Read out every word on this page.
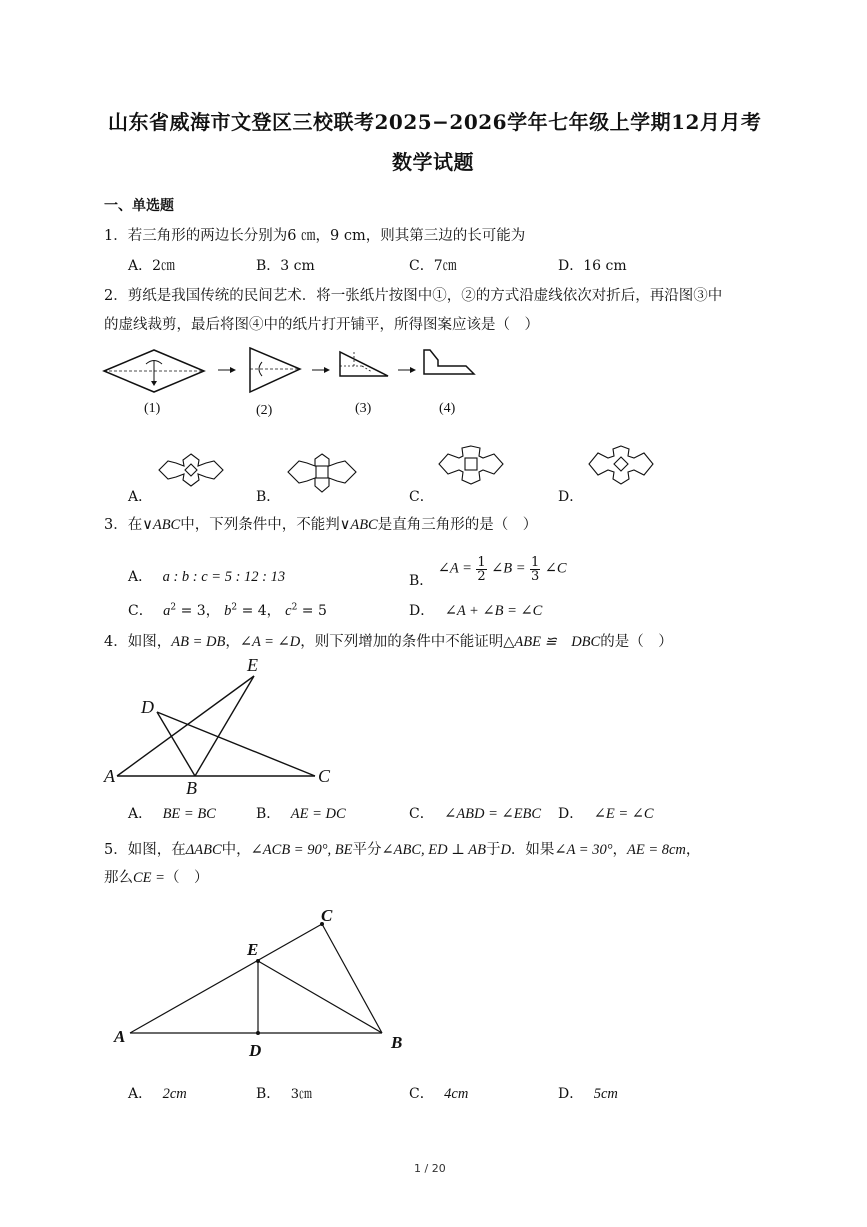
山东省威海市文登区三校联考2025−2026学年七年级上学期12月月考
数学试题
一、单选题
1．若三角形的两边长分别为6 ㎝，9 cm，则其第三边的长可能为
A．2㎝	B．3 cm	C．7㎝	D．16 cm
2．剪纸是我国传统的民间艺术．将一张纸片按图中①，②的方式沿虚线依次对折后，再沿图③中
的虚线裁剪，最后将图④中的纸片打开铺平，所得图案应该是（　）
(1)	(2)	(3)	(4)
A．	B．	C．	D．
3．在∨ABC中，下列条件中，不能判∨ABC是直角三角形的是（　）
A． a : b : c = 5 : 12 : 13	B． ∠A = $\frac{1}{2}$ ∠B = $\frac{1}{3}$ ∠C
C． $a^2 = 3$， $b^2 = 4$， $c^2 = 5$	D． ∠A + ∠B = ∠C
4．如图，AB = DB，∠A = ∠D，则下列增加的条件中不能证明△ABE ≌　DBC的是（　）
E
D
A
B
C
A． BE = BC	B． AE = DC	C． ∠ABD = ∠EBC D． ∠E = ∠C
5．如图，在ΔABC中，∠ACB = 90°, BE平分∠ABC, ED ⊥ AB于D．如果∠A = 30°，AE = 8cm，
那么CE =（　）
C
E
A
D	B
A． 2cm	B． 3㎝	C． 4cm	D． 5cm
1 / 20
